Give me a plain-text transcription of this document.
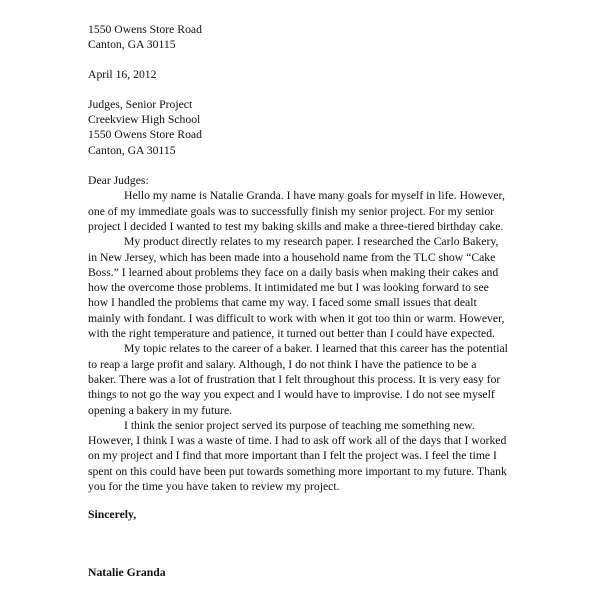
1550 Owens Store Road
Canton, GA 30115
April 16, 2012
Judges, Senior Project
Creekview High School
1550 Owens Store Road
Canton, GA 30115
Dear Judges:
Hello my name is Natalie Granda. I have many goals for myself in life. However,
one of my immediate goals was to successfully finish my senior project. For my senior
project I decided I wanted to test my baking skills and make a three-tiered birthday cake.
My product directly relates to my research paper. I researched the Carlo Bakery,
in New Jersey, which has been made into a household name from the TLC show “Cake
Boss.” I learned about problems they face on a daily basis when making their cakes and
how the overcome those problems. It intimidated me but I was looking forward to see
how I handled the problems that came my way. I faced some small issues that dealt
mainly with fondant. I was difficult to work with when it got too thin or warm. However,
with the right temperature and patience, it turned out better than I could have expected.
My topic relates to the career of a baker. I learned that this career has the potential
to reap a large profit and salary. Although, I do not think I have the patience to be a
baker. There was a lot of frustration that I felt throughout this process. It is very easy for
things to not go the way you expect and I would have to improvise. I do not see myself
opening a bakery in my future.
I think the senior project served its purpose of teaching me something new.
However, I think I was a waste of time. I had to ask off work all of the days that I worked
on my project and I find that more important than I felt the project was. I feel the time I
spent on this could have been put towards something more important to my future. Thank
you for the time you have taken to review my project.

Sincerely,

Natalie Granda
